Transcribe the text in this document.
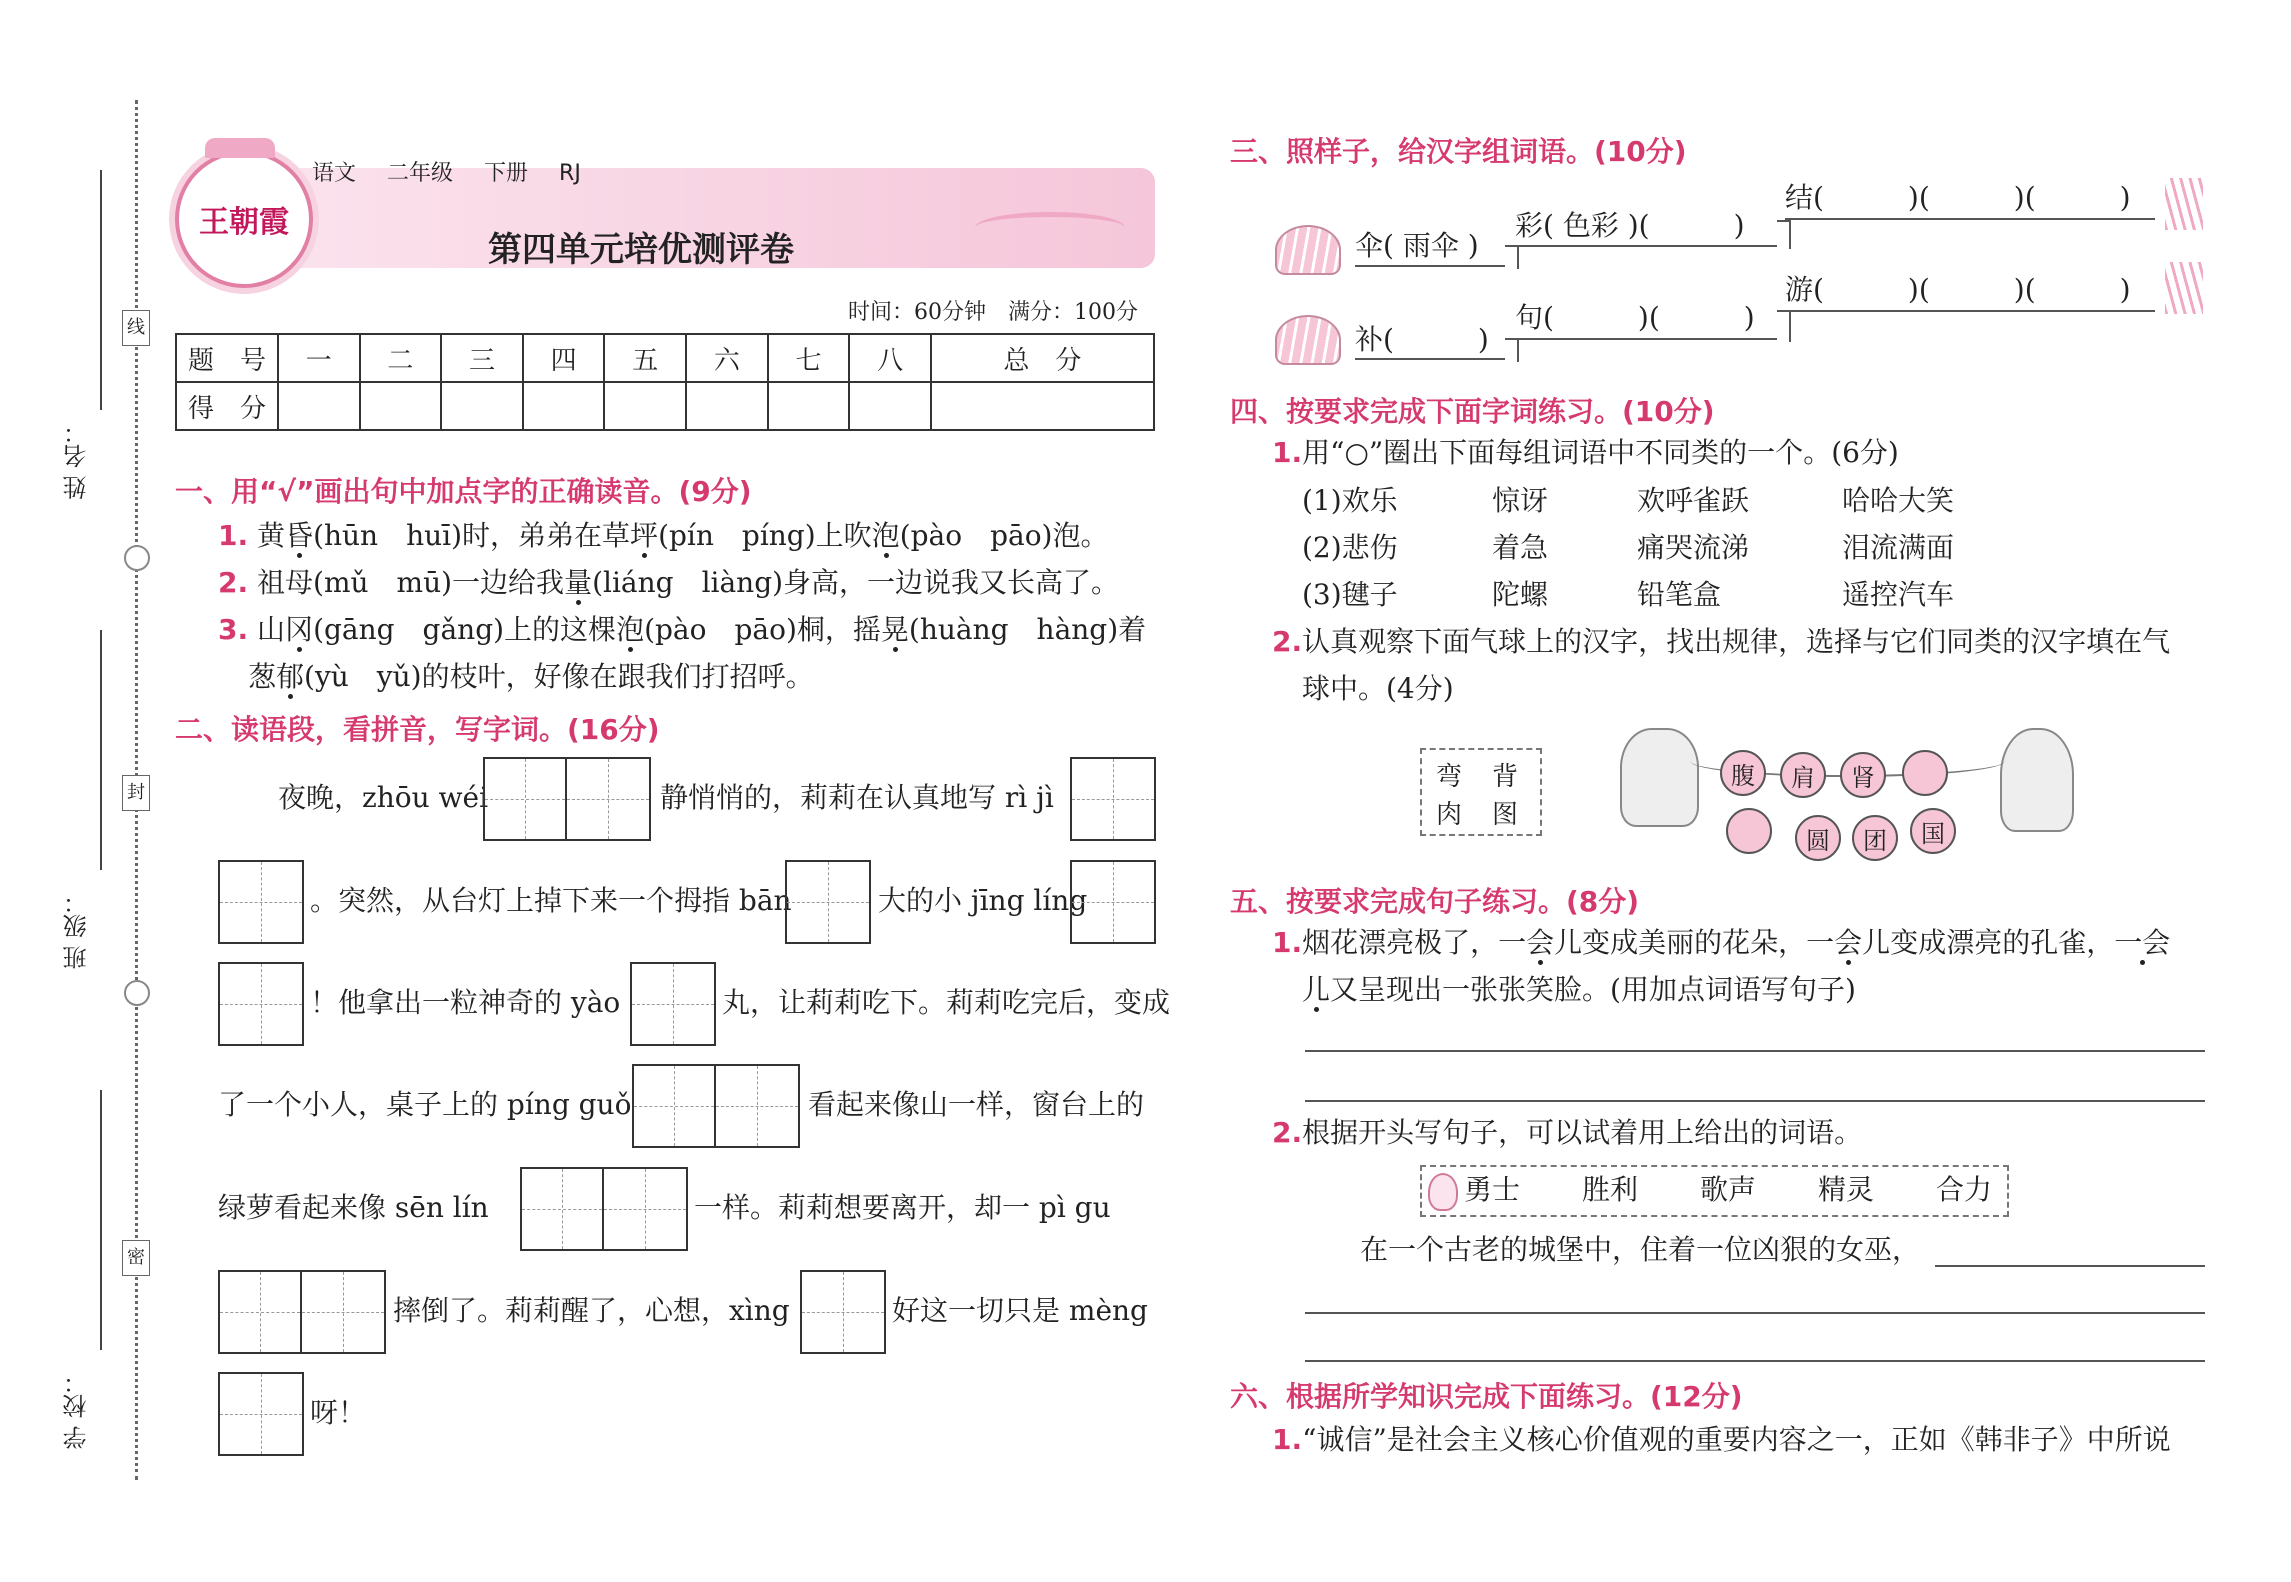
姓 名：
班 级：
学 校：
线
封
密
王朝霞
语文 二年级 下册 RJ
第四单元培优测评卷
时间：60分钟　满分：100分
题　号	一	二	三	四	五	六	七	八	总　分
得　分									
一、用“√”画出句中加点字的正确读音。(9分)
1. 黄昏(hūn　huī)时，弟弟在草坪(pín　píng)上吹泡(pào　pāo)泡。
2. 祖母(mǔ　mū)一边给我量(liáng　liàng)身高，一边说我又长高了。
3. 山冈(gāng　gǎng)上的这棵泡(pào　pāo)桐，摇晃(huàng　hàng)着
葱郁(yù　yǔ)的枝叶，好像在跟我们打招呼。
二、读语段，看拼音，写字词。(16分)
夜晚，zhōu wéi	静悄悄的，莉莉在认真地写 rì jì
。突然，从台灯上掉下来一个拇指 bān	大的小 jīng líng
！他拿出一粒神奇的 yào	丸，让莉莉吃下。莉莉吃完后，变成
了一个小人，桌子上的 píng guǒ	看起来像山一样，窗台上的
绿萝看起来像 sēn lín	一样。莉莉想要离开，却一 pì gu
摔倒了。莉莉醒了，心想，xìng	好这一切只是 mèng
呀！
三、照样子，给汉字组词语。(10分)
伞( 雨伞 )
彩( 色彩 )(　　　)
结(　　　)(　　　)(　　　)
补(　　　)
句(　　　)(　　　)
游(　　　)(　　　)(　　　)
四、按要求完成下面字词练习。(10分)
1.用“○”圈出下面每组词语中不同类的一个。(6分)
(1)欢乐	惊讶	欢呼雀跃	哈哈大笑
(2)悲伤	着急	痛哭流涕	泪流满面
(3)毽子	陀螺	铅笔盒	遥控汽车
2.认真观察下面气球上的汉字，找出规律，选择与它们同类的汉字填在气
球中。(4分)
弯 背
肉 图
腹	肩	肾
圆	团	国
五、按要求完成句子练习。(8分)
1.烟花漂亮极了，一会儿变成美丽的花朵，一会儿变成漂亮的孔雀，一会
儿又呈现出一张张笑脸。(用加点词语写句子)
2.根据开头写句子，可以试着用上给出的词语。
勇士 胜利 歌声 精灵 合力
在一个古老的城堡中，住着一位凶狠的女巫，
六、根据所学知识完成下面练习。(12分)
1.“诚信”是社会主义核心价值观的重要内容之一，正如《韩非子》中所说
